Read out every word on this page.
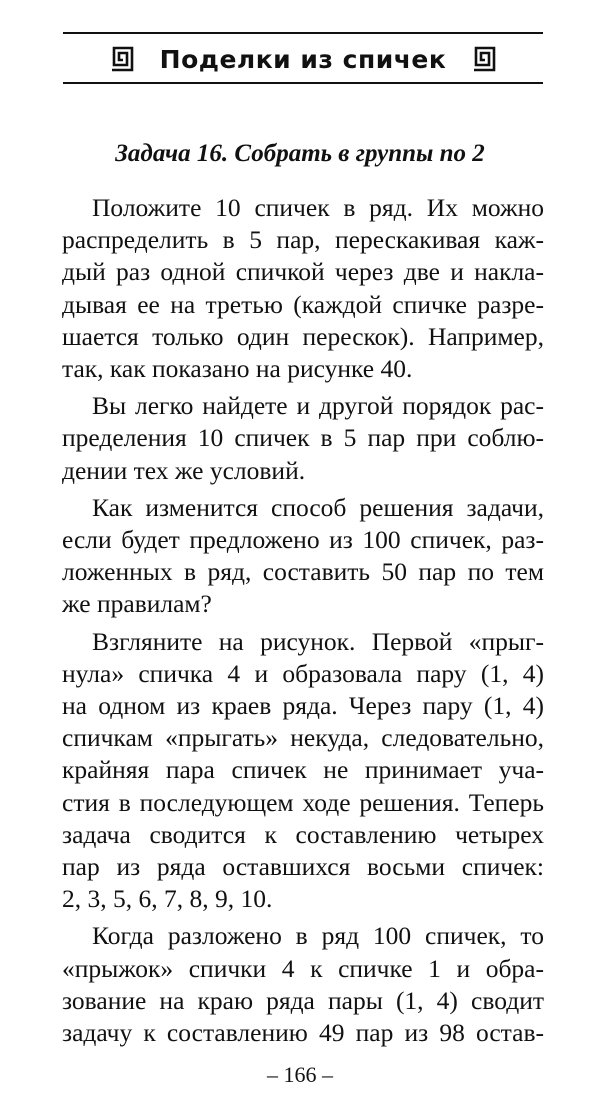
Поделки из спичек
Задача 16. Собрать в группы по 2
Положите 10 спичек в ряд. Их можно
распределить в 5 пар, перескакивая каж-
дый раз одной спичкой через две и накла-
дывая ее на третью (каждой спичке разре-
шается только один перескок). Например,
так, как показано на рисунке 40.
Вы легко найдете и другой порядок рас-
пределения 10 спичек в 5 пар при соблю-
дении тех же условий.
Как изменится способ решения задачи,
если будет предложено из 100 спичек, раз-
ложенных в ряд, составить 50 пар по тем
же правилам?
Взгляните на рисунок. Первой «прыг-
нула» спичка 4 и образовала пару (1, 4)
на одном из краев ряда. Через пару (1, 4)
спичкам «прыгать» некуда, следовательно,
крайняя пара спичек не принимает уча-
стия в последующем ходе решения. Теперь
задача сводится к составлению четырех
пар из ряда оставшихся восьми спичек:
2, 3, 5, 6, 7, 8, 9, 10.
Когда разложено в ряд 100 спичек, то
«прыжок» спички 4 к спичке 1 и обра-
зование на краю ряда пары (1, 4) сводит
задачу к составлению 49 пар из 98 остав-
– 166 –
